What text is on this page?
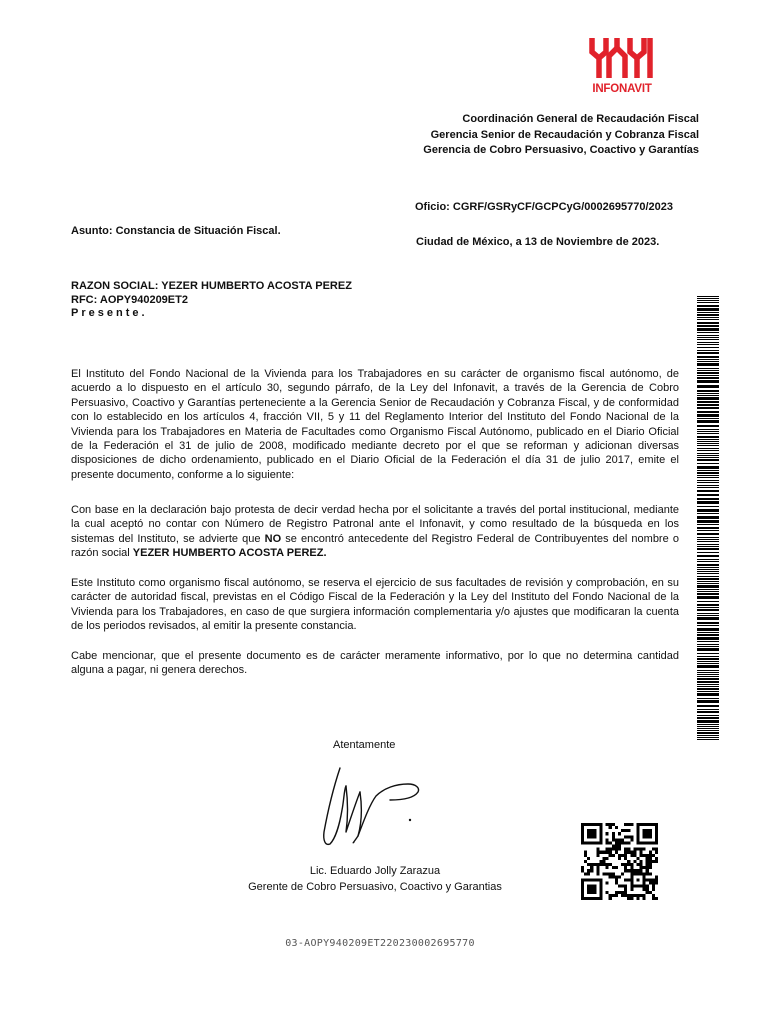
INFONAVIT
Coordinación General de Recaudación Fiscal
Gerencia Senior de Recaudación y Cobranza Fiscal
Gerencia de Cobro Persuasivo, Coactivo y Garantías
Oficio: CGRF/GSRyCF/GCPCyG/0002695770/2023
Asunto: Constancia de Situación Fiscal.
Ciudad de México, a 13 de Noviembre de 2023.
RAZON SOCIAL: YEZER HUMBERTO ACOSTA PEREZ
RFC: AOPY940209ET2
Presente.

El Instituto del Fondo Nacional de la Vivienda para los Trabajadores en su carácter de organismo fiscal autónomo, de acuerdo a lo dispuesto en el artículo 30, segundo párrafo, de la Ley del Infonavit, a través de la Gerencia de Cobro Persuasivo, Coactivo y Garantías perteneciente a la Gerencia Senior de Recaudación y Cobranza Fiscal, y de conformidad con lo establecido en los artículos 4, fracción VII, 5 y 11 del Reglamento Interior del Instituto del Fondo Nacional de la Vivienda para los Trabajadores en Materia de Facultades como Organismo Fiscal Autónomo, publicado en el Diario Oficial de la Federación el 31 de julio de 2008, modificado mediante decreto por el que se reforman y adicionan diversas disposiciones de dicho ordenamiento, publicado en el Diario Oficial de la Federación el día 31 de julio 2017, emite el presente documento, conforme a lo siguiente:

Con base en la declaración bajo protesta de decir verdad hecha por el solicitante a través del portal institucional, mediante la cual aceptó no contar con Número de Registro Patronal ante el Infonavit, y como resultado de la búsqueda en los sistemas del Instituto, se advierte que NO se encontró antecedente del Registro Federal de Contribuyentes del nombre o razón social YEZER HUMBERTO ACOSTA PEREZ.

Este Instituto como organismo fiscal autónomo, se reserva el ejercicio de sus facultades de revisión y comprobación, en su carácter de autoridad fiscal, previstas en el Código Fiscal de la Federación y la Ley del Instituto del Fondo Nacional de la Vivienda para los Trabajadores, en caso de que surgiera información complementaria y/o ajustes que modificaran la cuenta de los periodos revisados, al emitir la presente constancia.

Cabe mencionar, que el presente documento es de carácter meramente informativo, por lo que no determina cantidad alguna a pagar, ni genera derechos.

Atentamente
Lic. Eduardo Jolly Zarazua
Gerente de Cobro Persuasivo, Coactivo y Garantias
03-AOPY940209ET220230002695770
